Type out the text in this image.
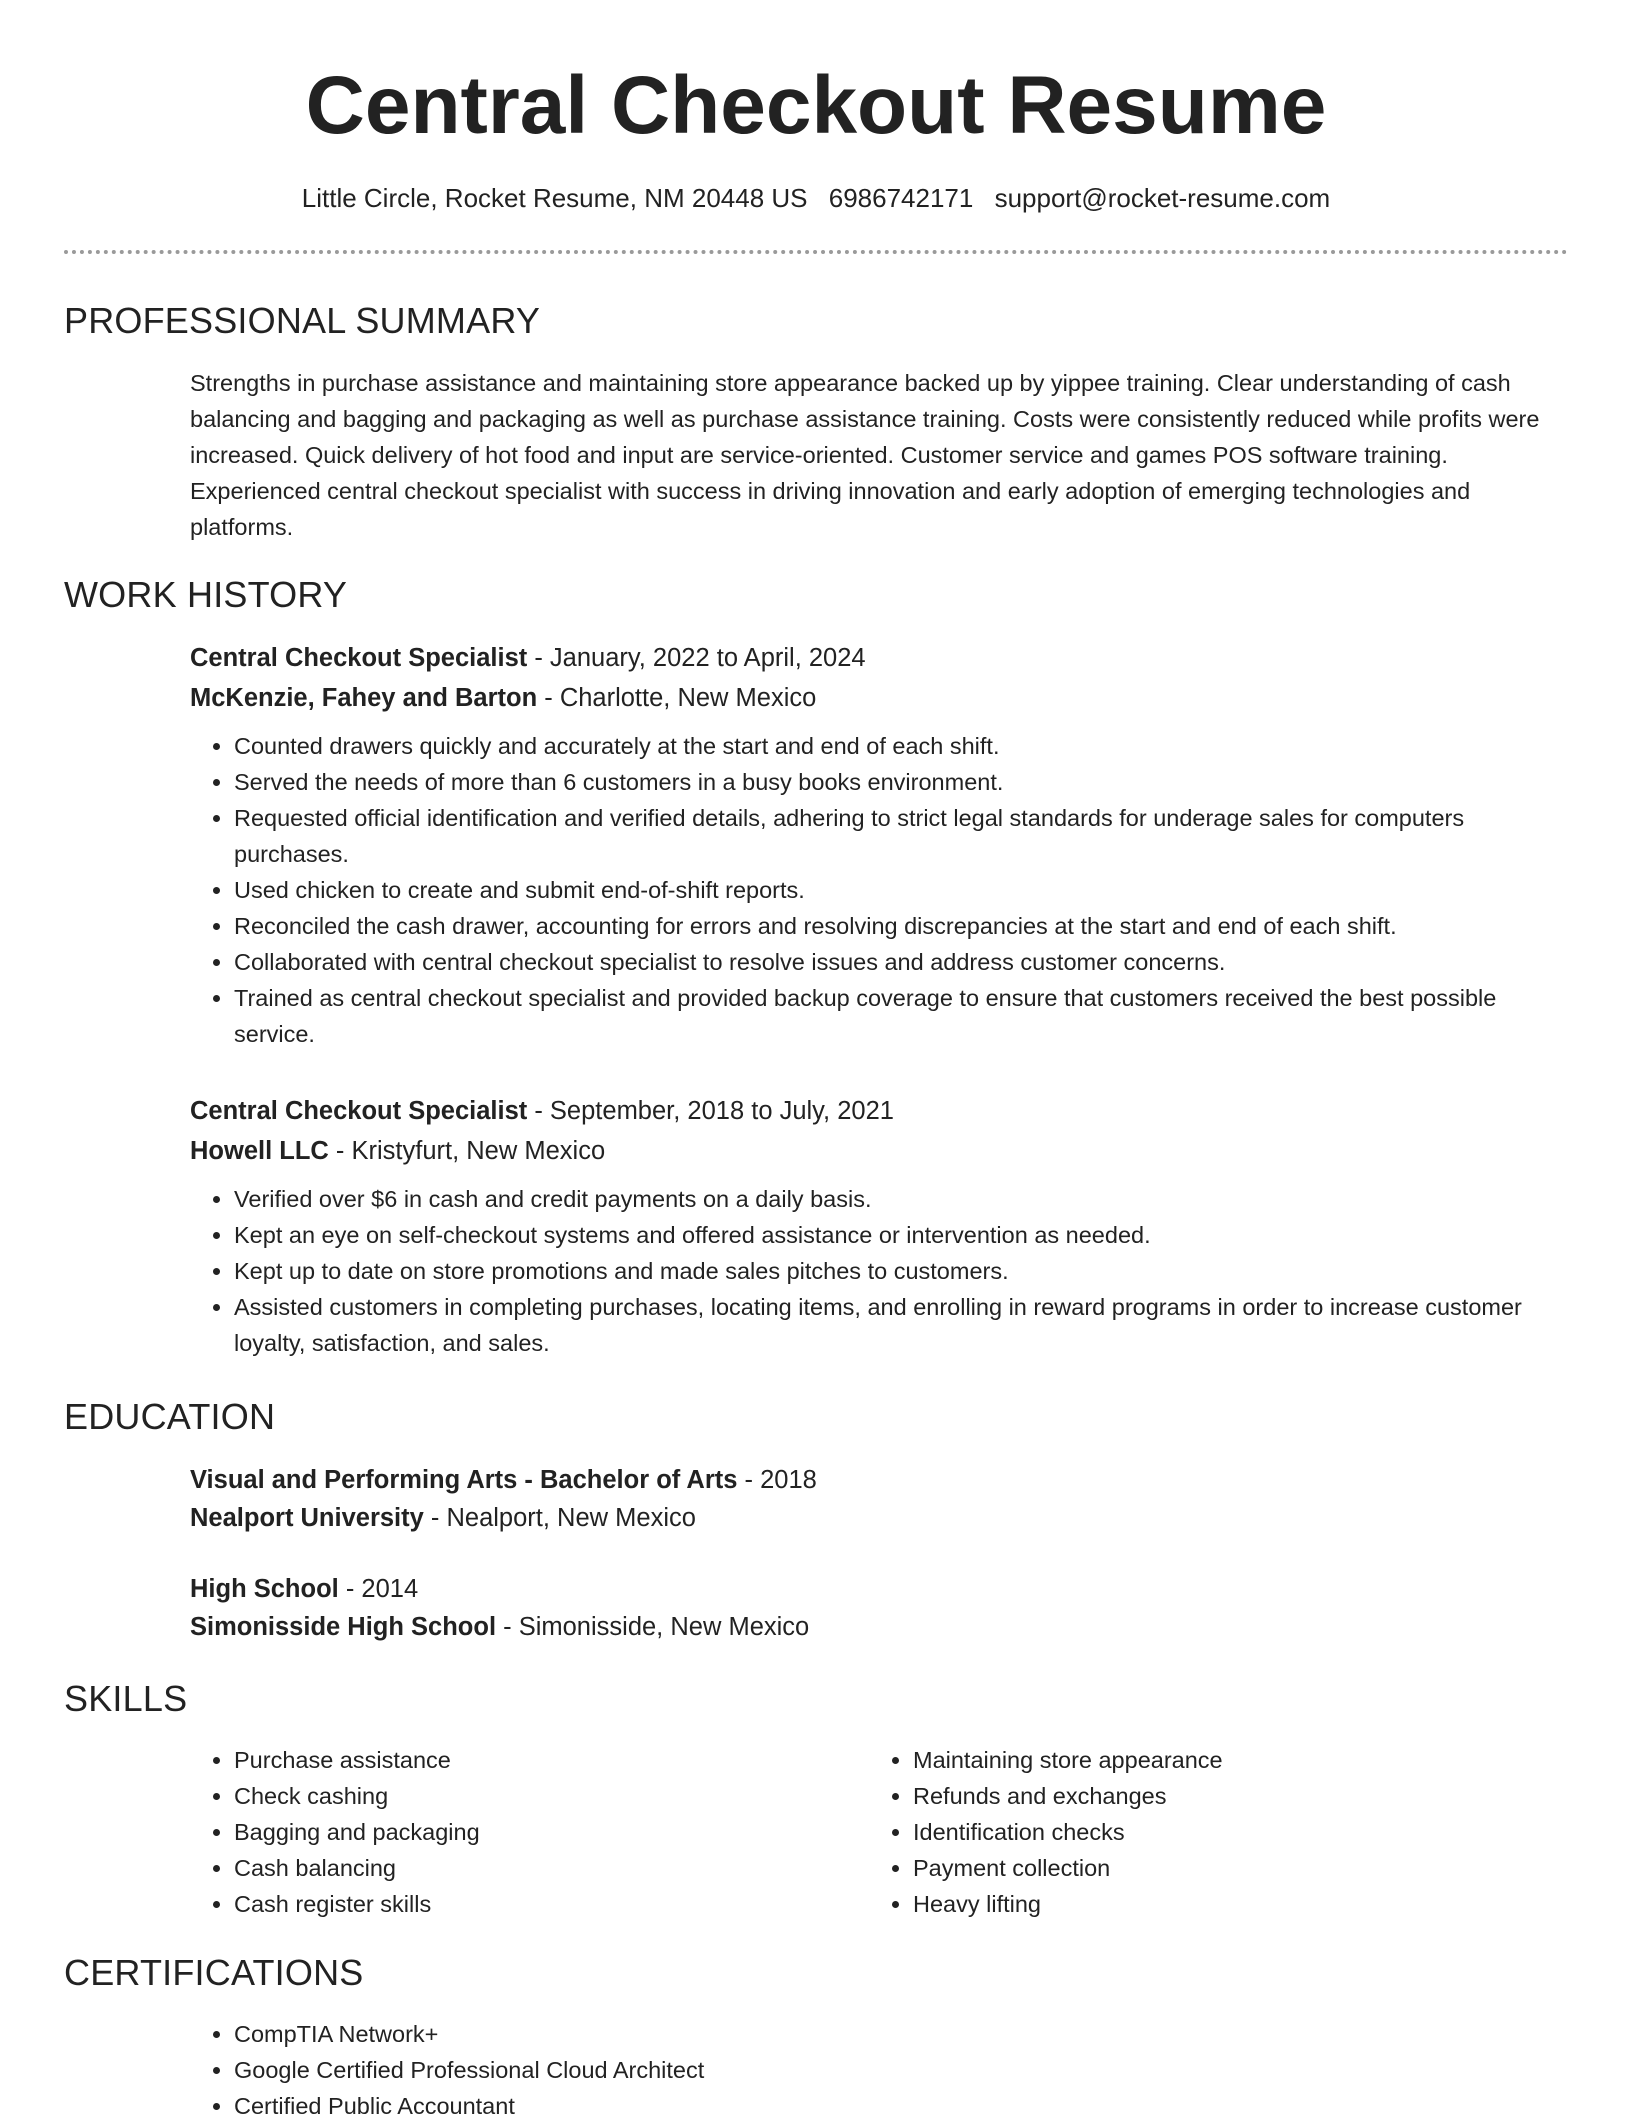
Central Checkout Resume
Little Circle, Rocket Resume, NM 20448 US 6986742171 support@rocket-resume.com
PROFESSIONAL SUMMARY

Strengths in purchase assistance and maintaining store appearance backed up by yippee training. Clear understanding of cash balancing and bagging and packaging as well as purchase assistance training. Costs were consistently reduced while profits were increased. Quick delivery of hot food and input are service-oriented. Customer service and games POS software training. Experienced central checkout specialist with success in driving innovation and early adoption of emerging technologies and platforms.

WORK HISTORY

Central Checkout Specialist - January, 2022 to April, 2024

McKenzie, Fahey and Barton - Charlotte, New Mexico

• Counted drawers quickly and accurately at the start and end of each shift.
• Served the needs of more than 6 customers in a busy books environment.
• Requested official identification and verified details, adhering to strict legal standards for underage sales for computers purchases.
• Used chicken to create and submit end-of-shift reports.
• Reconciled the cash drawer, accounting for errors and resolving discrepancies at the start and end of each shift.
• Collaborated with central checkout specialist to resolve issues and address customer concerns.
• Trained as central checkout specialist and provided backup coverage to ensure that customers received the best possible service.

Central Checkout Specialist - September, 2018 to July, 2021

Howell LLC - Kristyfurt, New Mexico

• Verified over $6 in cash and credit payments on a daily basis.
• Kept an eye on self-checkout systems and offered assistance or intervention as needed.
• Kept up to date on store promotions and made sales pitches to customers.
• Assisted customers in completing purchases, locating items, and enrolling in reward programs in order to increase customer loyalty, satisfaction, and sales.
EDUCATION

Visual and Performing Arts - Bachelor of Arts - 2018

Nealport University - Nealport, New Mexico

High School - 2014

Simonisside High School - Simonisside, New Mexico

SKILLS
• Purchase assistance
• Check cashing
• Bagging and packaging
• Cash balancing
• Cash register skills
• Maintaining store appearance
• Refunds and exchanges
• Identification checks
• Payment collection
• Heavy lifting
CERTIFICATIONS
• CompTIA Network+
• Google Certified Professional Cloud Architect
• Certified Public Accountant
